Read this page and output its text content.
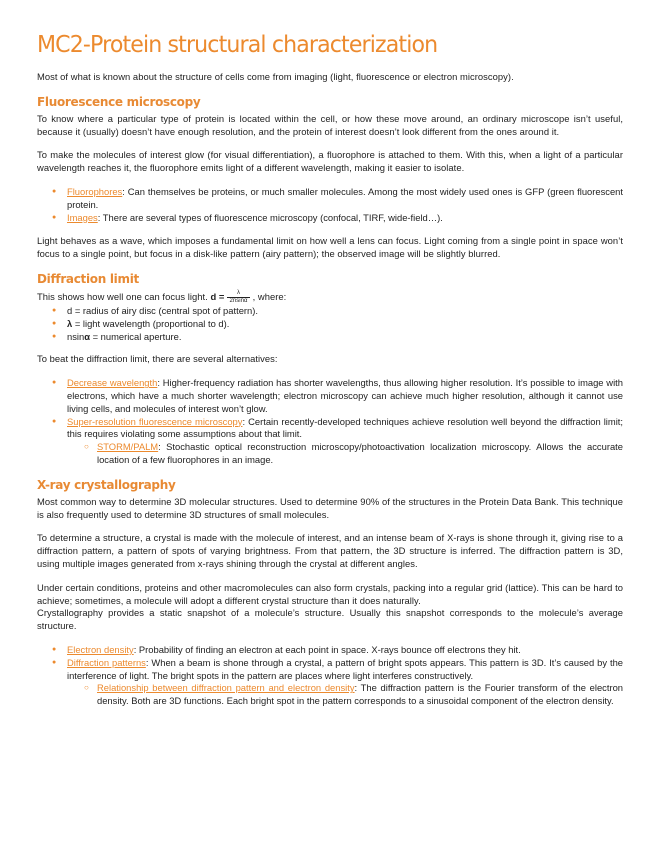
MC2-Protein structural characterization

Most of what is known about the structure of cells come from imaging (light, fluorescence or electron microscopy).

Fluorescence microscopy

To know where a particular type of protein is located within the cell, or how these move around, an ordinary microscope isn’t useful, because it (usually) doesn’t have enough resolution, and the protein of interest doesn’t look different from the ones around it.

To make the molecules of interest glow (for visual differentiation), a fluorophore is attached to them. With this, when a light of a particular wavelength reaches it, the fluorophore emits light of a different wavelength, making it easier to isolate.

● Fluorophores: Can themselves be proteins, or much smaller molecules. Among the most widely used ones is GFP (green fluorescent protein.
● Images: There are several types of fluorescence microscopy (confocal, TIRF, wide-field…).

Light behaves as a wave, which imposes a fundamental limit on how well a lens can focus. Light coming from a single point in space won’t focus to a single point, but focus in a disk-like pattern (airy pattern); the observed image will be slightly blurred.

Diffraction limit

This shows how well one can focus light. $d = \frac{\lambda}{2nsin\alpha}$ , where:

● d = radius of airy disc (central spot of pattern).
● λ = light wavelength (proportional to d).
● nsinα = numerical aperture.

To beat the diffraction limit, there are several alternatives:

● Decrease wavelength: Higher-frequency radiation has shorter wavelengths, thus allowing higher resolution. It’s possible to image with electrons, which have a much shorter wavelength; electron microscopy can achieve much higher resolution, although it cannot use living cells, and molecules of interest won’t glow.
● Super-resolution fluorescence microscopy: Certain recently-developed techniques achieve resolution well beyond the diffraction limit; this requires violating some assumptions about that limit.
○ STORM/PALM: Stochastic optical reconstruction microscopy/photoactivation localization microscopy. Allows the accurate location of a few fluorophores in an image.
X-ray crystallography

Most common way to determine 3D molecular structures. Used to determine 90% of the structures in the Protein Data Bank. This technique is also frequently used to determine 3D structures of small molecules.

To determine a structure, a crystal is made with the molecule of interest, and an intense beam of X-rays is shone through it, giving rise to a diffraction pattern, a pattern of spots of varying brightness. From that pattern, the 3D structure is inferred. The diffraction pattern is 3D, using multiple images generated from x-rays shining through the crystal at different angles.

Under certain conditions, proteins and other macromolecules can also form crystals, packing into a regular grid (lattice). This can be hard to achieve; sometimes, a molecule will adopt a different crystal structure than it does naturally.

Crystallography provides a static snapshot of a molecule’s structure. Usually this snapshot corresponds to the molecule’s average structure.

● Electron density: Probability of finding an electron at each point in space. X-rays bounce off electrons they hit.
● Diffraction patterns: When a beam is shone through a crystal, a pattern of bright spots appears. This pattern is 3D. It’s caused by the interference of light. The bright spots in the pattern are places where light interferes constructively.
○ Relationship between diffraction pattern and electron density: The diffraction pattern is the Fourier transform of the electron density. Both are 3D functions. Each bright spot in the pattern corresponds to a sinusoidal component of the electron density.
